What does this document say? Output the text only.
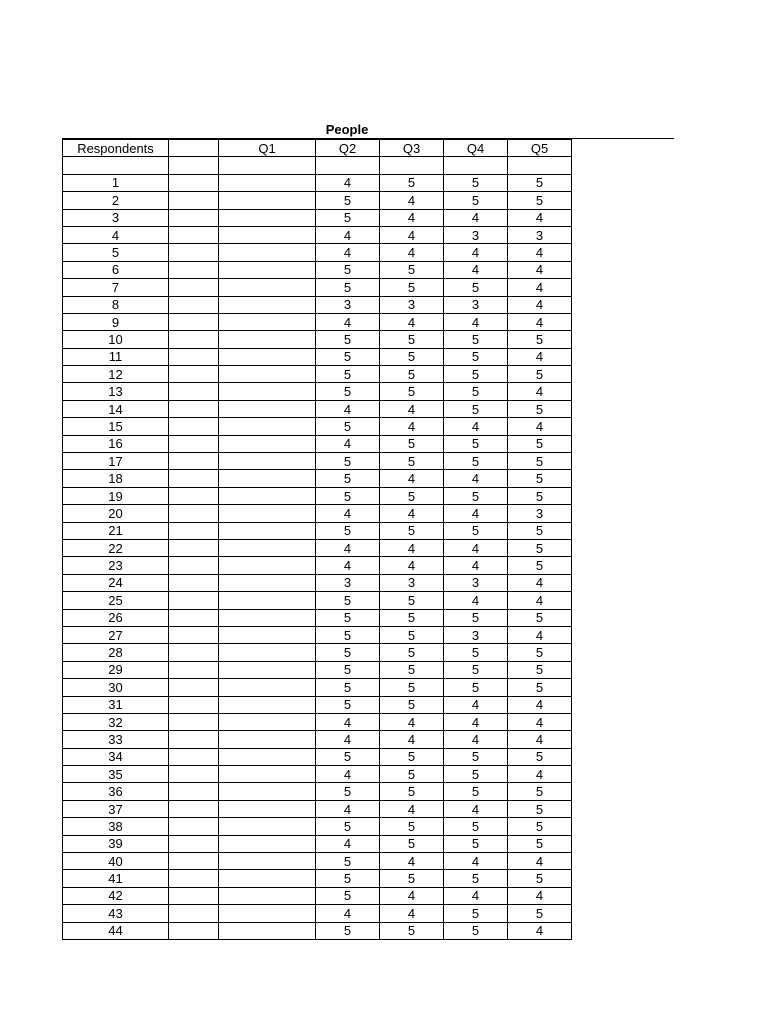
People
Respondents		Q1	Q2	Q3	Q4	Q5

1			4	5	5	5
2			5	4	5	5
3			5	4	4	4
4			4	4	3	3
5			4	4	4	4
6			5	5	4	4
7			5	5	5	4
8			3	3	3	4
9			4	4	4	4
10			5	5	5	5
11			5	5	5	4
12			5	5	5	5
13			5	5	5	4
14			4	4	5	5
15			5	4	4	4
16			4	5	5	5
17			5	5	5	5
18			5	4	4	5
19			5	5	5	5
20			4	4	4	3
21			5	5	5	5
22			4	4	4	5
23			4	4	4	5
24			3	3	3	4
25			5	5	4	4
26			5	5	5	5
27			5	5	3	4
28			5	5	5	5
29			5	5	5	5
30			5	5	5	5
31			5	5	4	4
32			4	4	4	4
33			4	4	4	4
34			5	5	5	5
35			4	5	5	4
36			5	5	5	5
37			4	4	4	5
38			5	5	5	5
39			4	5	5	5
40			5	4	4	4
41			5	5	5	5
42			5	4	4	4
43			4	4	5	5
44			5	5	5	4
